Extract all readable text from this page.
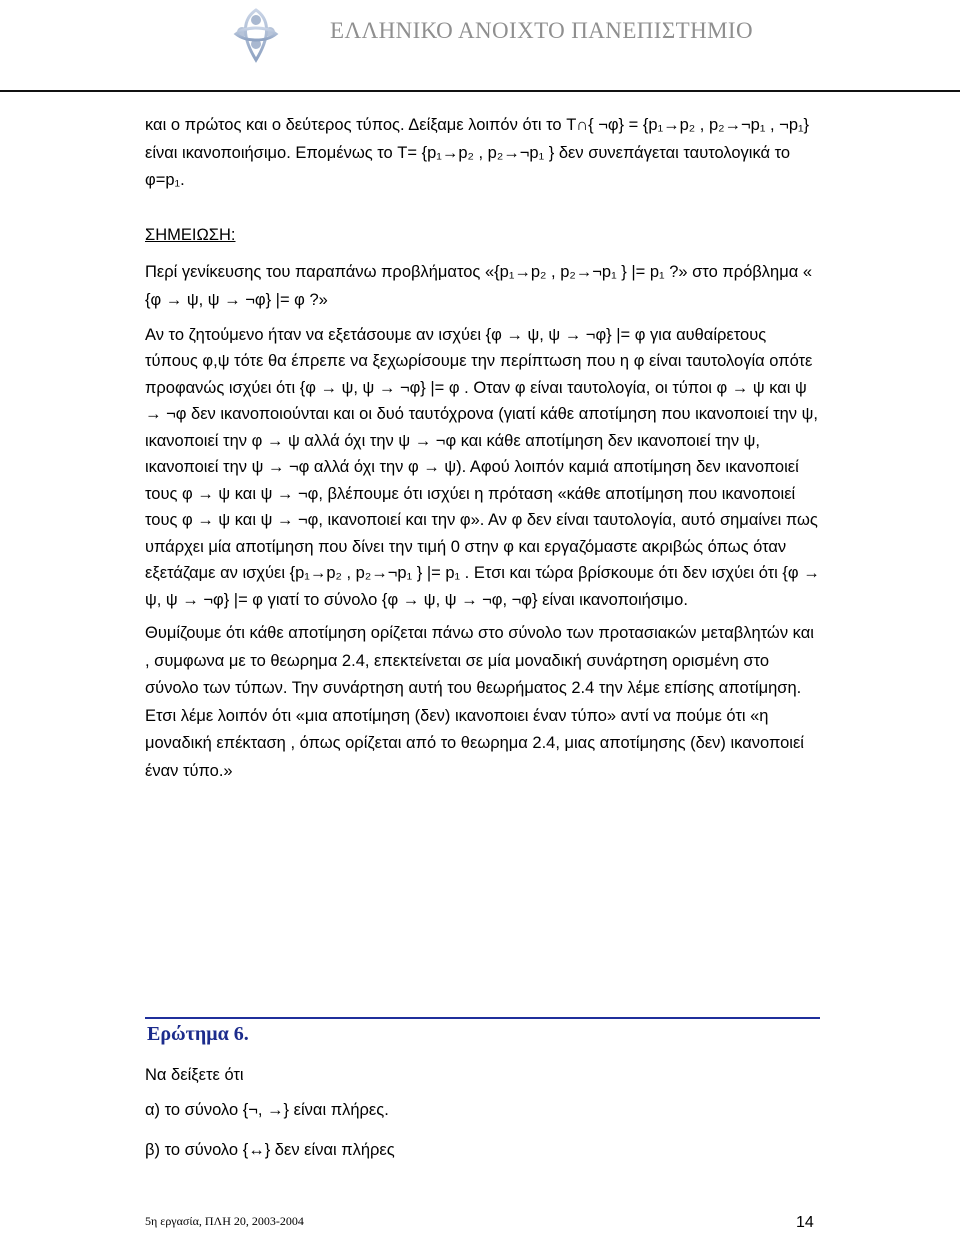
ΕΛΛΗΝΙΚΟ ΑΝΟΙΧΤΟ ΠΑΝΕΠΙΣΤΗΜΙΟ

και ο πρώτος και ο δεύτερος τύπος. Δείξαμε λοιπόν ότι το T∩{ ¬φ} = {p₁→p₂ , p₂→¬p₁ , ¬p₁} είναι ικανοποιήσιμο. Επομένως το T= {p₁→p₂ , p₂→¬p₁ } δεν συνεπάγεται ταυτολογικά το φ=p₁.

ΣΗΜΕΙΩΣΗ:

Περί γενίκευσης του παραπάνω προβλήματος «{p₁→p₂ , p₂→¬p₁ } |= p₁ ?» στο πρόβλημα « {φ → ψ, ψ → ¬φ} |= φ ?»

Αν το ζητούμενο ήταν να εξετάσουμε αν ισχύει {φ → ψ, ψ → ¬φ} |= φ για αυθαίρετους τύπους φ,ψ τότε θα έπρεπε να ξεχωρίσουμε την περίπτωση που η φ είναι ταυτολογία οπότε προφανώς ισχύει ότι {φ → ψ, ψ → ¬φ} |= φ . Οταν φ είναι ταυτολογία, οι τύποι φ → ψ και ψ → ¬φ δεν ικανοποιούνται και οι δυό ταυτόχρονα (γιατί κάθε αποτίμηση που ικανοποιεί την ψ, ικανοποιεί την φ → ψ αλλά όχι την ψ → ¬φ και κάθε αποτίμηση δεν ικανοποιεί την ψ, ικανοποιεί την ψ → ¬φ αλλά όχι την φ → ψ). Αφού λοιπόν καμιά αποτίμηση δεν ικανοποιεί τους φ → ψ και ψ → ¬φ, βλέπουμε ότι ισχύει η πρόταση «κάθε αποτίμηση που ικανοποιεί τους φ → ψ και ψ → ¬φ, ικανοποιεί και την φ». Αν φ δεν είναι ταυτολογία, αυτό σημαίνει πως υπάρχει μία αποτίμηση που δίνει την τιμή 0 στην φ και εργαζόμαστε ακριβώς όπως όταν εξετάζαμε αν ισχύει {p₁→p₂ , p₂→¬p₁ } |= p₁ . Ετσι και τώρα βρίσκουμε ότι δεν ισχύει ότι {φ → ψ, ψ → ¬φ} |= φ γιατί το σύνολο {φ → ψ, ψ → ¬φ, ¬φ} είναι ικανοποιήσιμο.

Θυμίζουμε ότι κάθε αποτίμηση ορίζεται πάνω στο σύνολο των προτασιακών μεταβλητών και , συμφωνα με το θεωρημα 2.4, επεκτείνεται σε μία μοναδική συνάρτηση ορισμένη στο σύνολο των τύπων. Την συνάρτηση αυτή του θεωρήματος 2.4 την λέμε επίσης αποτίμηση. Ετσι λέμε λοιπόν ότι «μια αποτίμηση (δεν) ικανοποιει έναν τύπο» αντί να πούμε ότι «η μοναδική επέκταση , όπως ορίζεται από το θεωρημα 2.4, μιας αποτίμησης (δεν) ικανοποιεί έναν τύπο.»

Ερώτημα 6.
Να δείξετε ότι
α) το σύνολο {¬, →} είναι πλήρες.
β) το σύνολο {↔} δεν είναι πλήρες
5η εργασία, ΠΛΗ 20, 2003-2004	14
